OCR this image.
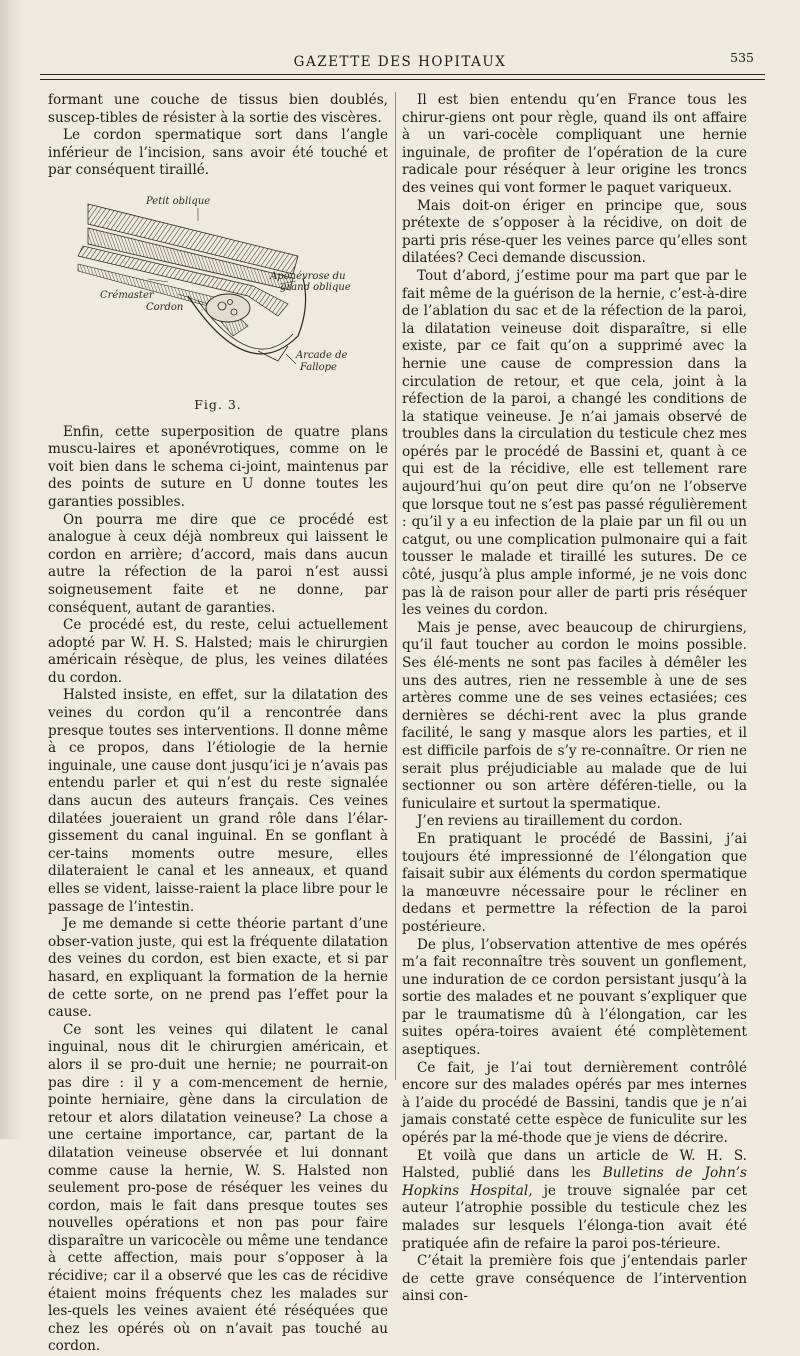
GAZETTE DES HOPITAUX	535

formant une couche de tissus bien doublés, suscep-tibles de résister à la sortie des viscères.

Le cordon spermatique sort dans l’angle inférieur de l’incision, sans avoir été touché et par conséquent tiraillé.

Petit oblique
Aponévrose du
grand oblique
Crémaster
Cordon
Arcade de
Fallope

Fig. 3.

Enfin, cette superposition de quatre plans muscu-laires et aponévrotiques, comme on le voit bien dans le schema ci-joint, maintenus par des points de suture en U donne toutes les garanties possibles.

On pourra me dire que ce procédé est analogue à ceux déjà nombreux qui laissent le cordon en arrière; d’accord, mais dans aucun autre la réfection de la paroi n’est aussi soigneusement faite et ne donne, par conséquent, autant de garanties.

Ce procédé est, du reste, celui actuellement adopté par W. H. S. Halsted; mais le chirurgien américain résèque, de plus, les veines dilatées du cordon.

Halsted insiste, en effet, sur la dilatation des veines du cordon qu’il a rencontrée dans presque toutes ses interventions. Il donne même à ce propos, dans l’étiologie de la hernie inguinale, une cause dont jusqu’ici je n’avais pas entendu parler et qui n’est du reste signalée dans aucun des auteurs français. Ces veines dilatées joueraient un grand rôle dans l’élar-gissement du canal inguinal. En se gonflant à cer-tains moments outre mesure, elles dilateraient le canal et les anneaux, et quand elles se vident, laisse-raient la place libre pour le passage de l’intestin.

Je me demande si cette théorie partant d’une obser-vation juste, qui est la fréquente dilatation des veines du cordon, est bien exacte, et si par hasard, en expliquant la formation de la hernie de cette sorte, on ne prend pas l’effet pour la cause.

Ce sont les veines qui dilatent le canal inguinal, nous dit le chirurgien américain, et alors il se pro-duit une hernie; ne pourrait-on pas dire : il y a com-mencement de hernie, pointe herniaire, gène dans la circulation de retour et alors dilatation veineuse? La chose a une certaine importance, car, partant de la dilatation veineuse observée et lui donnant comme cause la hernie, W. S. Halsted non seulement pro-pose de réséquer les veines du cordon, mais le fait dans presque toutes ses nouvelles opérations et non pas pour faire disparaître un varicocèle ou même une tendance à cette affection, mais pour s’opposer à la récidive; car il a observé que les cas de récidive étaient moins fréquents chez les malades sur les-quels les veines avaient été réséquées que chez les opérés où on n’avait pas touché au cordon.

Il est bien entendu qu’en France tous les chirur-giens ont pour règle, quand ils ont affaire à un vari-cocèle compliquant une hernie inguinale, de profiter de l’opération de la cure radicale pour réséquer à leur origine les troncs des veines qui vont former le paquet variqueux.

Mais doit-on ériger en principe que, sous prétexte de s’opposer à la récidive, on doit de parti pris rése-quer les veines parce qu’elles sont dilatées? Ceci demande discussion.

Tout d’abord, j’estime pour ma part que par le fait même de la guérison de la hernie, c’est-à-dire de l’ablation du sac et de la réfection de la paroi, la dilatation veineuse doit disparaître, si elle existe, par ce fait qu’on a supprimé avec la hernie une cause de compression dans la circulation de retour, et que cela, joint à la réfection de la paroi, a changé les conditions de la statique veineuse. Je n’ai jamais observé de troubles dans la circulation du testicule chez mes opérés par le procédé de Bassini et, quant à ce qui est de la récidive, elle est tellement rare aujourd’hui qu’on peut dire qu’on ne l’observe que lorsque tout ne s’est pas passé régulièrement : qu’il y a eu infection de la plaie par un fil ou un catgut, ou une complication pulmonaire qui a fait tousser le malade et tiraillé les sutures. De ce côté, jusqu’à plus ample informé, je ne vois donc pas là de raison pour aller de parti pris réséquer les veines du cordon.

Mais je pense, avec beaucoup de chirurgiens, qu’il faut toucher au cordon le moins possible. Ses élé-ments ne sont pas faciles à démêler les uns des autres, rien ne ressemble à une de ses artères comme une de ses veines ectasiées; ces dernières se déchi-rent avec la plus grande facilité, le sang y masque alors les parties, et il est difficile parfois de s’y re-connaître. Or rien ne serait plus préjudiciable au malade que de lui sectionner ou son artère déféren-tielle, ou la funiculaire et surtout la spermatique.

J’en reviens au tiraillement du cordon.

En pratiquant le procédé de Bassini, j’ai toujours été impressionné de l’élongation que faisait subir aux éléments du cordon spermatique la manœuvre nécessaire pour le récliner en dedans et permettre la réfection de la paroi postérieure.

De plus, l’observation attentive de mes opérés m’a fait reconnaître très souvent un gonflement, une induration de ce cordon persistant jusqu’à la sortie des malades et ne pouvant s’expliquer que par le traumatisme dû à l’élongation, car les suites opéra-toires avaient été complètement aseptiques.

Ce fait, je l’ai tout dernièrement contrôlé encore sur des malades opérés par mes internes à l’aide du procédé de Bassini, tandis que je n’ai jamais constaté cette espèce de funiculite sur les opérés par la mé-thode que je viens de décrire.

Et voilà que dans un article de W. H. S. Halsted, publié dans les Bulletins de John’s Hopkins Hospital, je trouve signalée par cet auteur l’atrophie possible du testicule chez les malades sur lesquels l’élonga-tion avait été pratiquée afin de refaire la paroi pos-térieure.

C’était la première fois que j’entendais parler de cette grave conséquence de l’intervention ainsi con-
